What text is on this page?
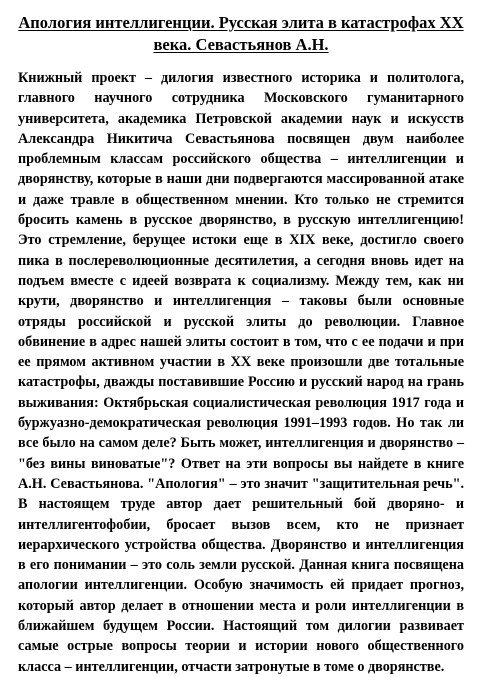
Апология интеллигенции. Русская элита в катастрофах ХХ века. Севастьянов А.Н.

Книжный проект – дилогия известного историка и политолога, главного научного сотрудника Московского гуманитарного университета, академика Петровской академии наук и искусств Александра Никитича Севастьянова посвящен двум наиболее проблемным классам российского общества – интеллигенции и дворянству, которые в наши дни подвергаются массированной атаке и даже травле в общественном мнении. Кто только не стремится бросить камень в русское дворянство, в русскую интеллигенцию! Это стремление, берущее истоки еще в XIX веке, достигло своего пика в послереволюционные десятилетия, а сегодня вновь идет на подъем вместе с идеей возврата к социализму. Между тем, как ни крути, дворянство и интеллигенция – таковы были основные отряды российской и русской элиты до революции. Главное обвинение в адрес нашей элиты состоит в том, что с ее подачи и при ее прямом активном участии в ХХ веке произошли две тотальные катастрофы, дважды поставившие Россию и русский народ на грань выживания: Октябрьская социалистическая революция 1917 года и буржуазно-демократическая революция 1991–1993 годов. Но так ли все было на самом деле? Быть может, интеллигенция и дворянство – "без вины виноватые"? Ответ на эти вопросы вы найдете в книге А.Н. Севастьянова. "Апология" – это значит "защитительная речь". В настоящем труде автор дает решительный бой дворяно- и интеллигентофобии, бросает вызов всем, кто не признает иерархического устройства общества. Дворянство и интеллигенция в его понимании – это соль земли русской. Данная книга посвящена апологии интеллигенции. Особую значимость ей придает прогноз, который автор делает в отношении места и роли интеллигенции в ближайшем будущем России. Настоящий том дилогии развивает самые острые вопросы теории и истории нового общественного класса – интеллигенции, отчасти затронутые в томе о дворянстве.
